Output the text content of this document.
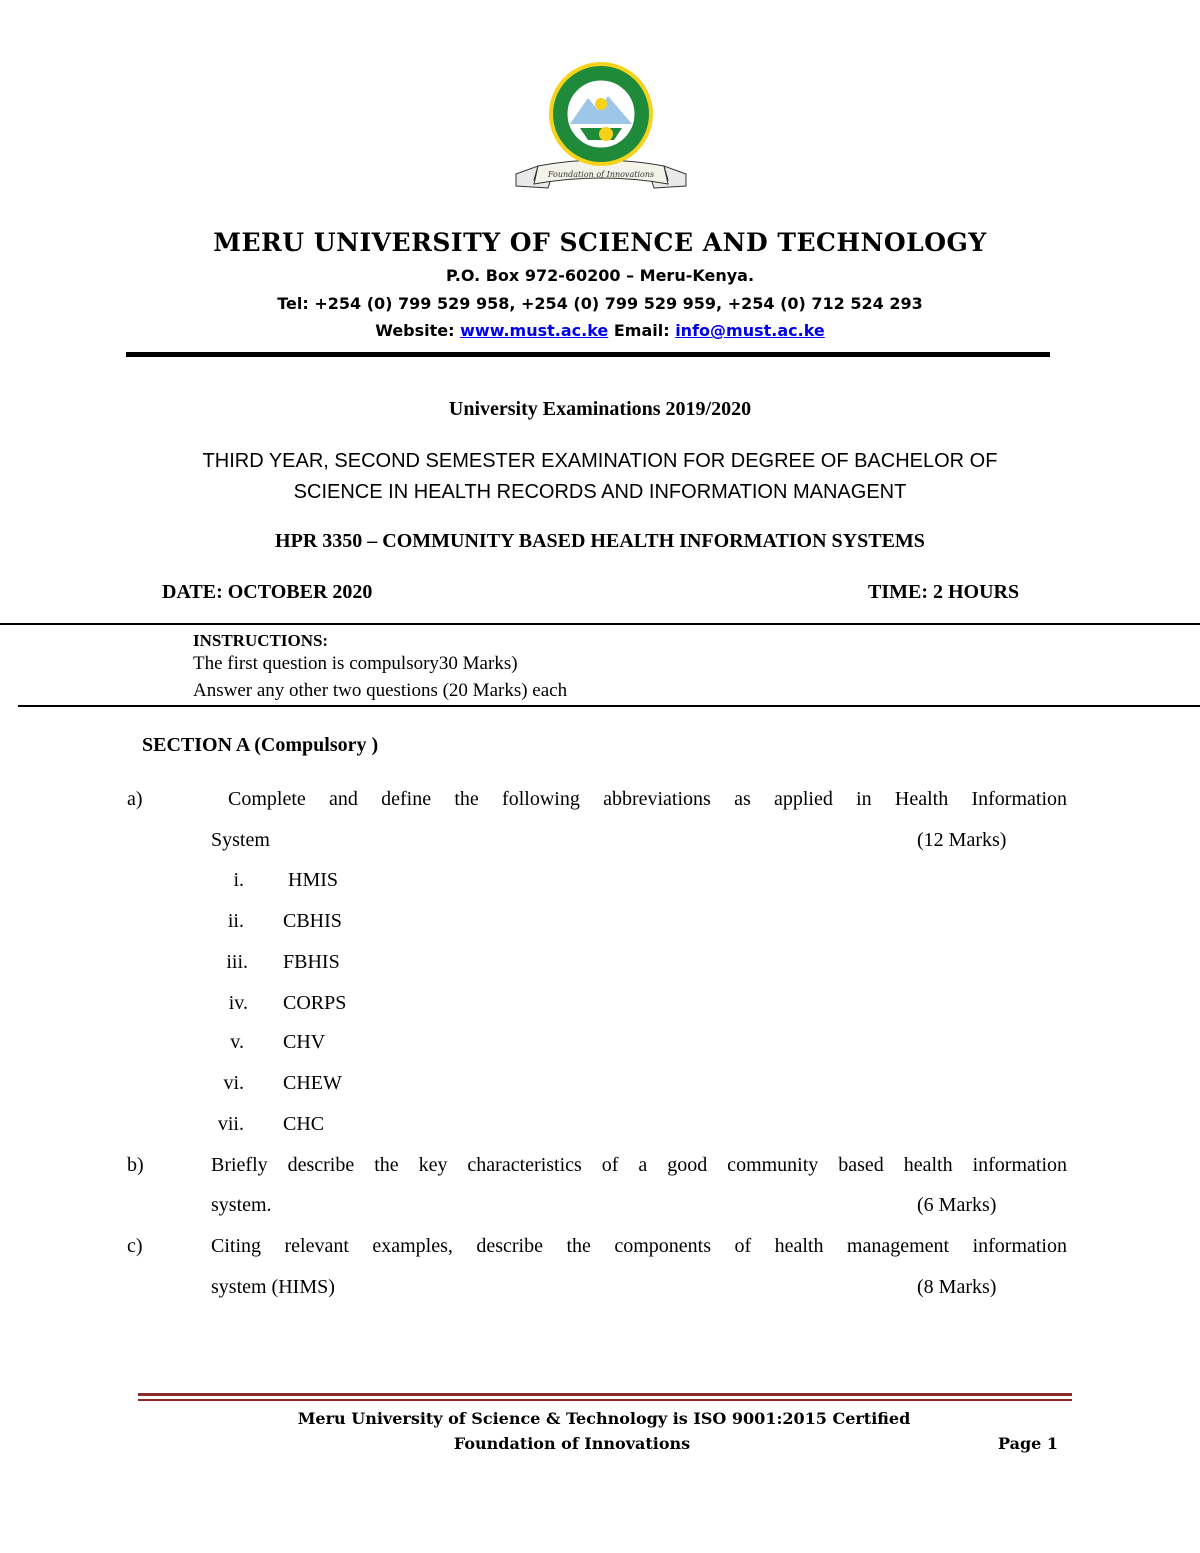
Foundation of Innovations
MERU UNIVERSITY OF SCIENCE AND TECHNOLOGY
P.O. Box 972-60200 – Meru-Kenya.
Tel: +254 (0) 799 529 958, +254 (0) 799 529 959, +254 (0) 712 524 293
Website: www.must.ac.ke Email: info@must.ac.ke
University Examinations 2019/2020
THIRD YEAR, SECOND SEMESTER EXAMINATION FOR DEGREE OF BACHELOR OF
SCIENCE IN HEALTH RECORDS AND INFORMATION MANAGENT
HPR 3350 – COMMUNITY BASED HEALTH INFORMATION SYSTEMS
DATE: OCTOBER 2020	TIME: 2 HOURS
INSTRUCTIONS:
The first question is compulsory30 Marks)
Answer any other two questions (20 Marks) each
SECTION A (Compulsory )
a)	Complete and define the following abbreviations as applied in Health Information
System	(12 Marks)
i. HMIS
ii. CBHIS
iii. FBHIS
iv. CORPS
v. CHV
vi. CHEW
vii. CHC
b)	Briefly describe the key characteristics of a good community based health information
system.	(6 Marks)
c)	Citing relevant examples, describe the components of health management information
system (HIMS)	(8 Marks)
Meru University of Science & Technology is ISO 9001:2015 Certified
Foundation of Innovations	Page 1
